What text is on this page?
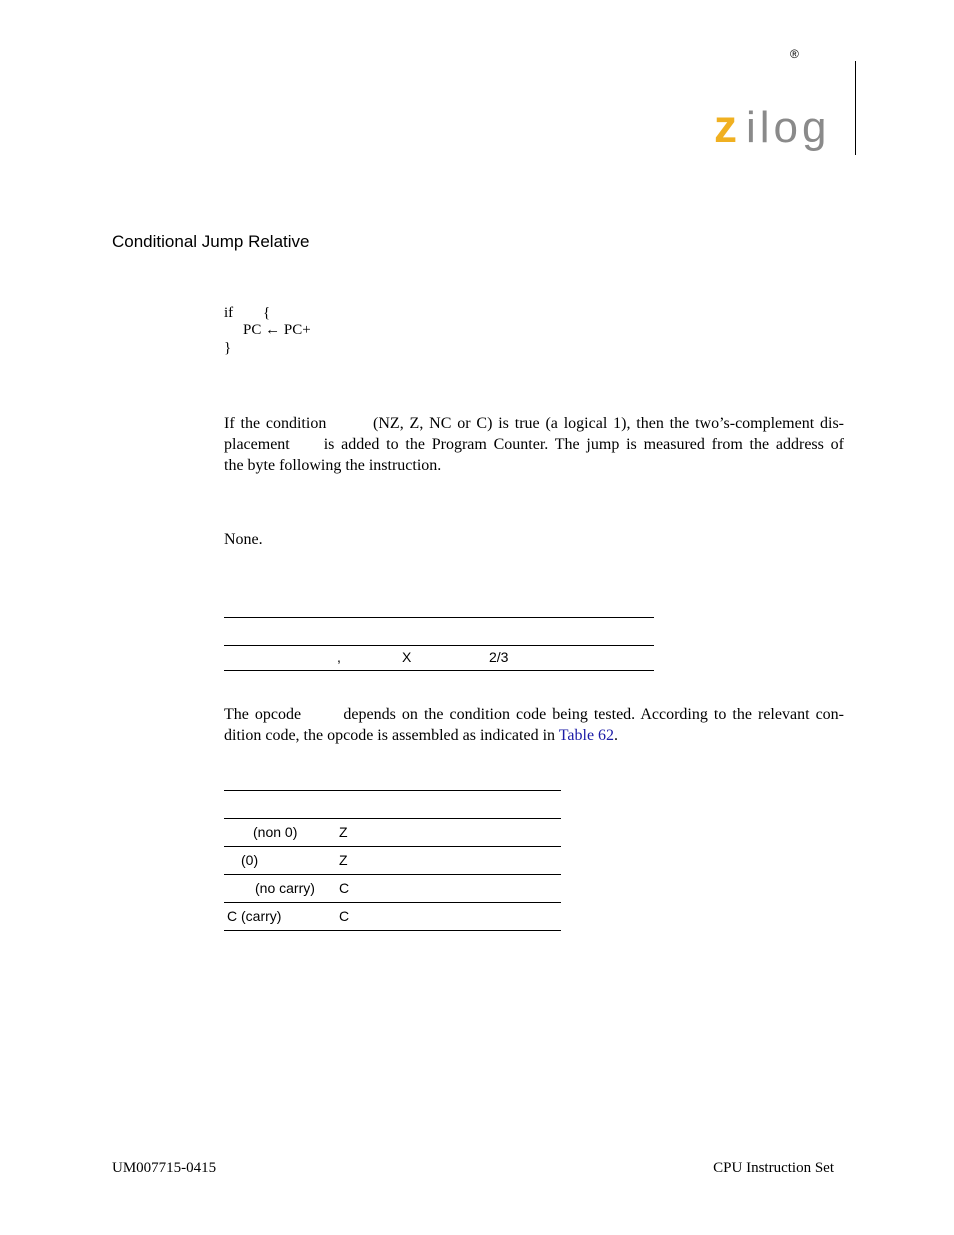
®
z ilog
Conditional Jump Relative
if {
PC ← PC+
}
If the condition        (NZ, Z, NC or C) is true (a logical 1), then the two’s-complement dis-
placement     is added to the Program Counter. The jump is measured from the address of
the byte following the instruction.
None.
,	X	2/3
The opcode       depends on the condition code being tested. According to the relevant con-
dition code, the opcode is assembled as indicated in Table 62.
(non 0)	Z
(0)	Z
(no carry) C
C (carry)	C
UM007715-0415	CPU Instruction Set
